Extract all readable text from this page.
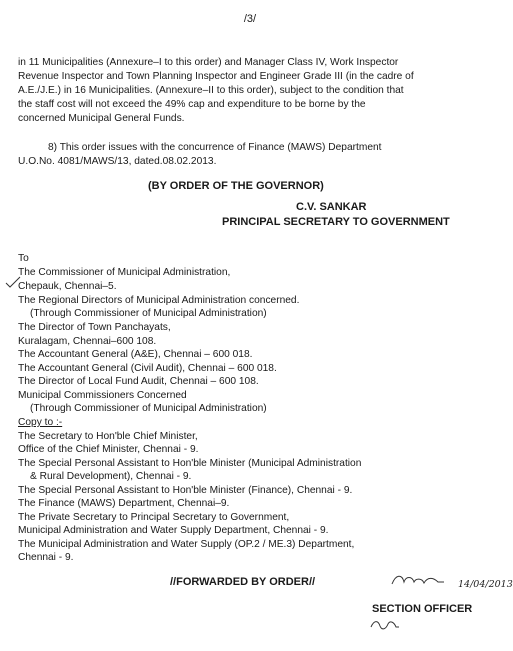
/3/
in 11 Municipalities (Annexure–I to this order) and Manager Class IV, Work Inspector
Revenue Inspector and Town Planning Inspector and Engineer Grade III (in the cadre of
A.E./J.E.) in 16 Municipalities. (Annexure–II to this order), subject to the condition that
the staff cost will not exceed the 49% cap and expenditure to be borne by the
concerned Municipal General Funds.
8) This order issues with the concurrence of Finance (MAWS) Department
U.O.No. 4081/MAWS/13, dated.08.02.2013.
(BY ORDER OF THE GOVERNOR)
C.V. SANKAR
PRINCIPAL SECRETARY TO GOVERNMENT
To
The Commissioner of Municipal Administration,
Chepauk, Chennai–5.
The Regional Directors of Municipal Administration concerned.
(Through Commissioner of Municipal Administration)
The Director of Town Panchayats,
Kuralagam, Chennai–600 108.
The Accountant General (A&E), Chennai – 600 018.
The Accountant General (Civil Audit), Chennai – 600 018.
The Director of Local Fund Audit, Chennai – 600 108.
Municipal Commissioners Concerned
(Through Commissioner of Municipal Administration)
Copy to :-
The Secretary to Hon'ble Chief Minister,
Office of the Chief Minister, Chennai - 9.
The Special Personal Assistant to Hon'ble Minister (Municipal Administration
& Rural Development), Chennai - 9.
The Special Personal Assistant to Hon'ble Minister (Finance), Chennai - 9.
The Finance (MAWS) Department, Chennai–9.
The Private Secretary to Principal Secretary to Government,
Municipal Administration and Water Supply Department, Chennai - 9.
The Municipal Administration and Water Supply (OP.2 / ME.3) Department,
Chennai - 9.
//FORWARDED BY ORDER//	14/04/2013
SECTION OFFICER
